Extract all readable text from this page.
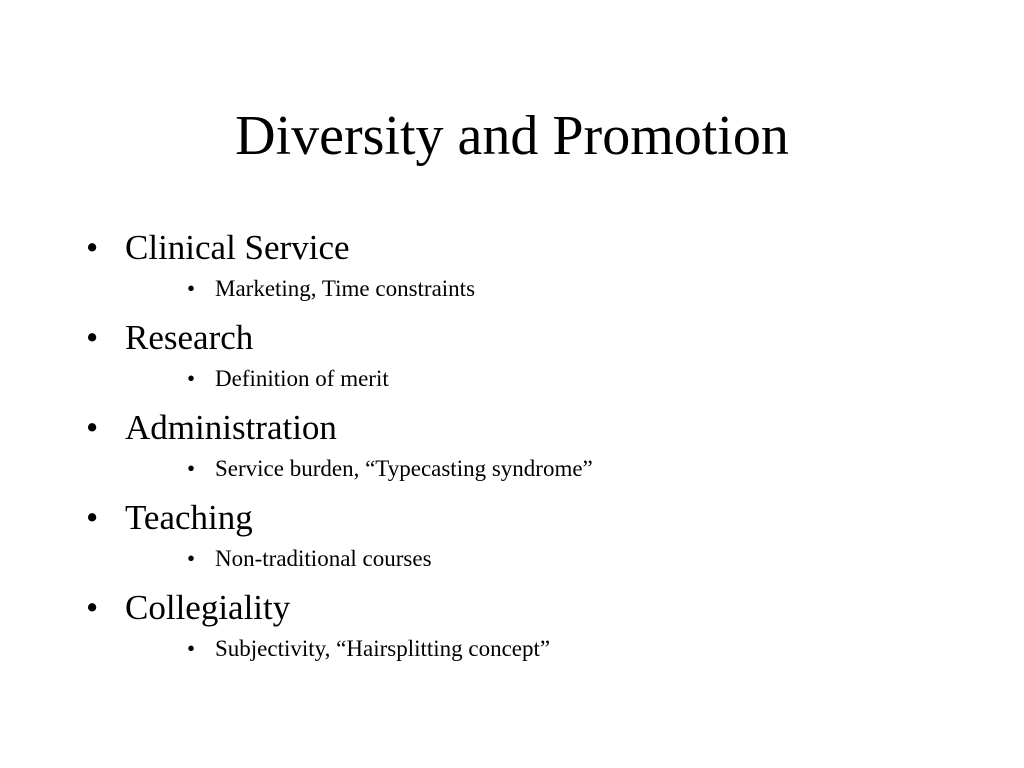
Diversity and Promotion
• Clinical Service
• Marketing, Time constraints
• Research
• Definition of merit
• Administration
• Service burden, “Typecasting syndrome”
• Teaching
• Non-traditional courses
• Collegiality
• Subjectivity, “Hairsplitting concept”
